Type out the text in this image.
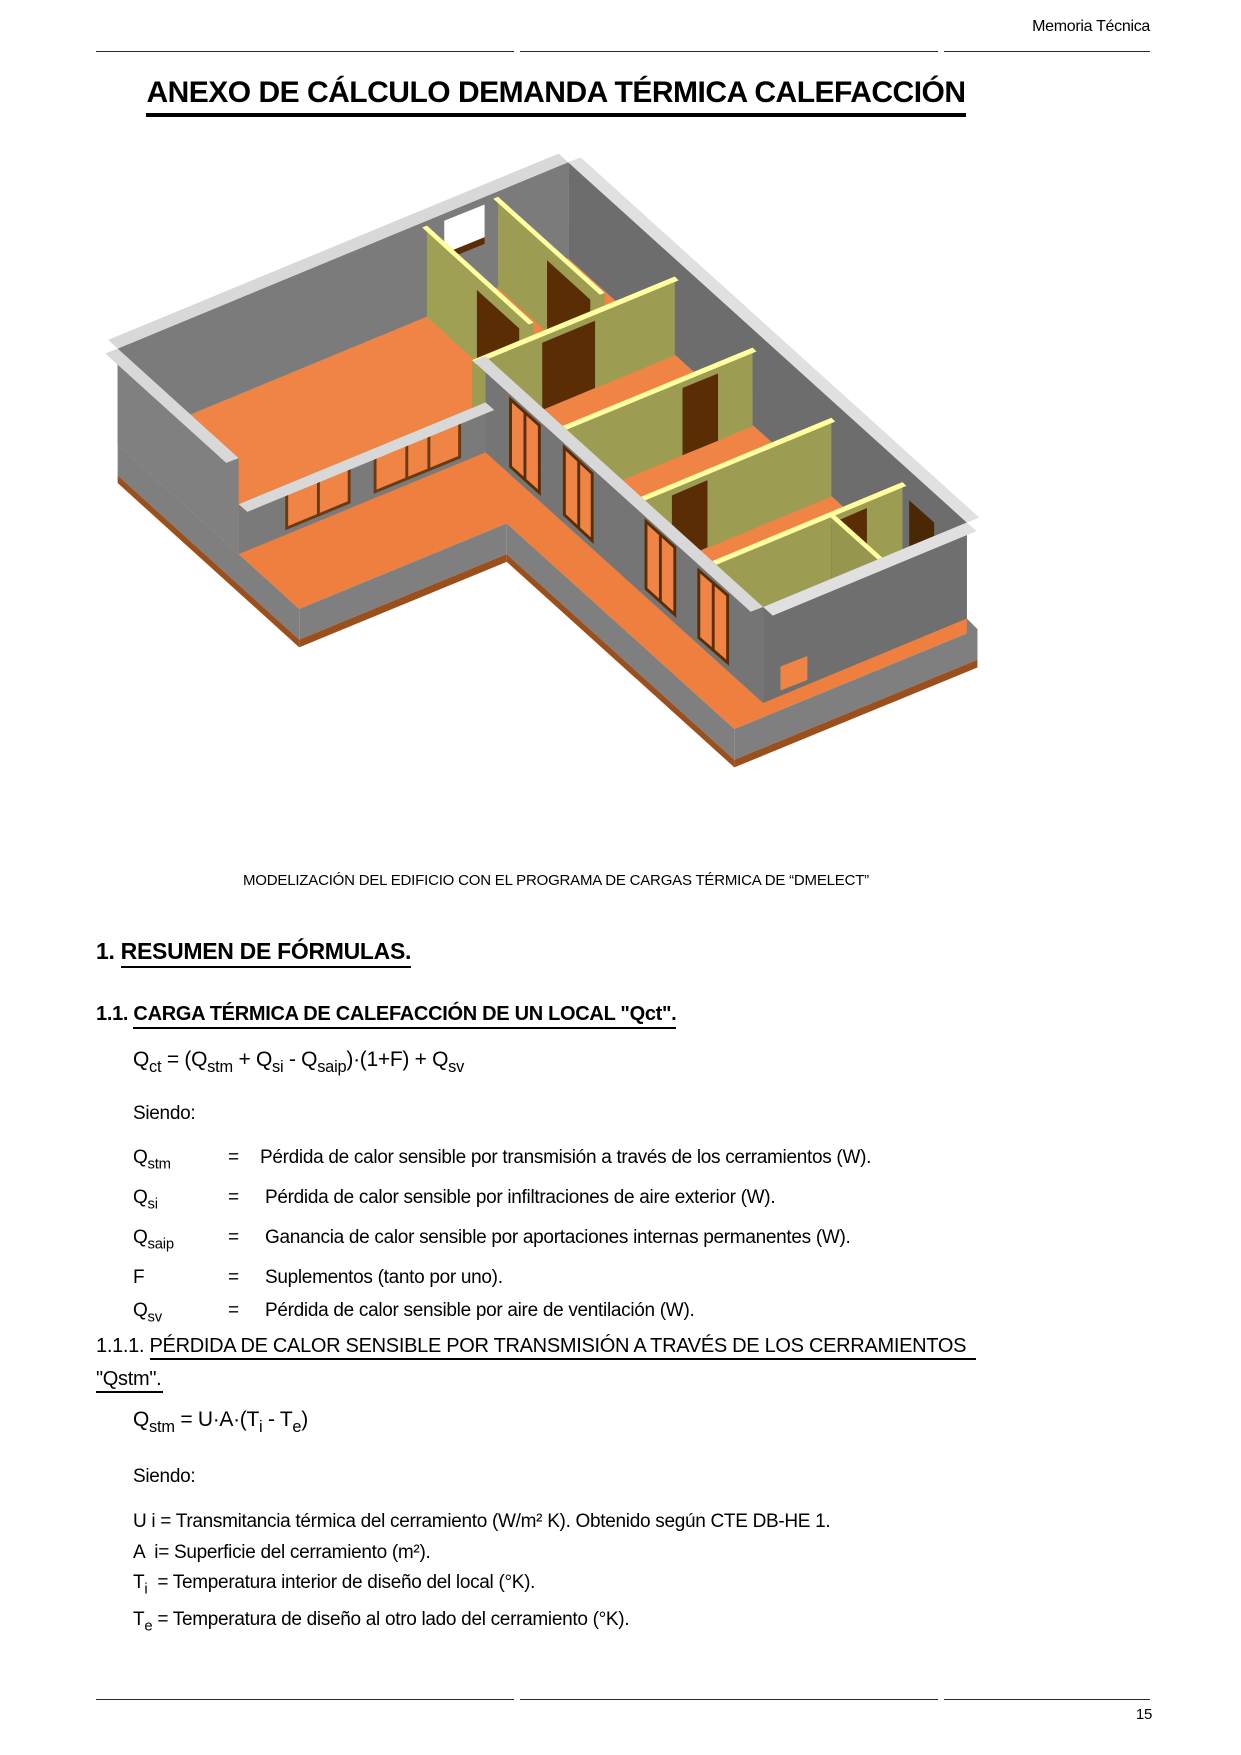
Memoria Técnica
ANEXO DE CÁLCULO DEMANDA TÉRMICA CALEFACCIÓN
MODELIZACIÓN DEL EDIFICIO CON EL PROGRAMA DE CARGAS TÉRMICA DE “DMELECT”
1. RESUMEN DE FÓRMULAS.
1.1. CARGA TÉRMICA DE CALEFACCIÓN DE UN LOCAL "Qct".
$Q_{ct} = (Q_{stm} + Q_{si} - Q_{saip})\cdot(1+F) + Q_{sv}$
Siendo:
$Q_{stm}$	=	Pérdida de calor sensible por transmisión a través de los cerramientos (W).
$Q_{si}$	=	Pérdida de calor sensible por infiltraciones de aire exterior (W).
$Q_{saip}$	=	Ganancia de calor sensible por aportaciones internas permanentes (W).
F	=	Suplementos (tanto por uno).
$Q_{sv}$	=	Pérdida de calor sensible por aire de ventilación (W).
1.1.1. PÉRDIDA DE CALOR SENSIBLE POR TRANSMISIÓN A TRAVÉS DE LOS CERRAMIENTOS
"Qstm".
$Q_{stm} = U\cdot A\cdot(T_i - T_e)$
Siendo:
U i = Transmitancia térmica del cerramiento (W/m² K). Obtenido según CTE DB-HE 1.
A  i= Superficie del cerramiento (m²).
$T_i$  = Temperatura interior de diseño del local (°K).
$T_e$ = Temperatura de diseño al otro lado del cerramiento (°K).
15
